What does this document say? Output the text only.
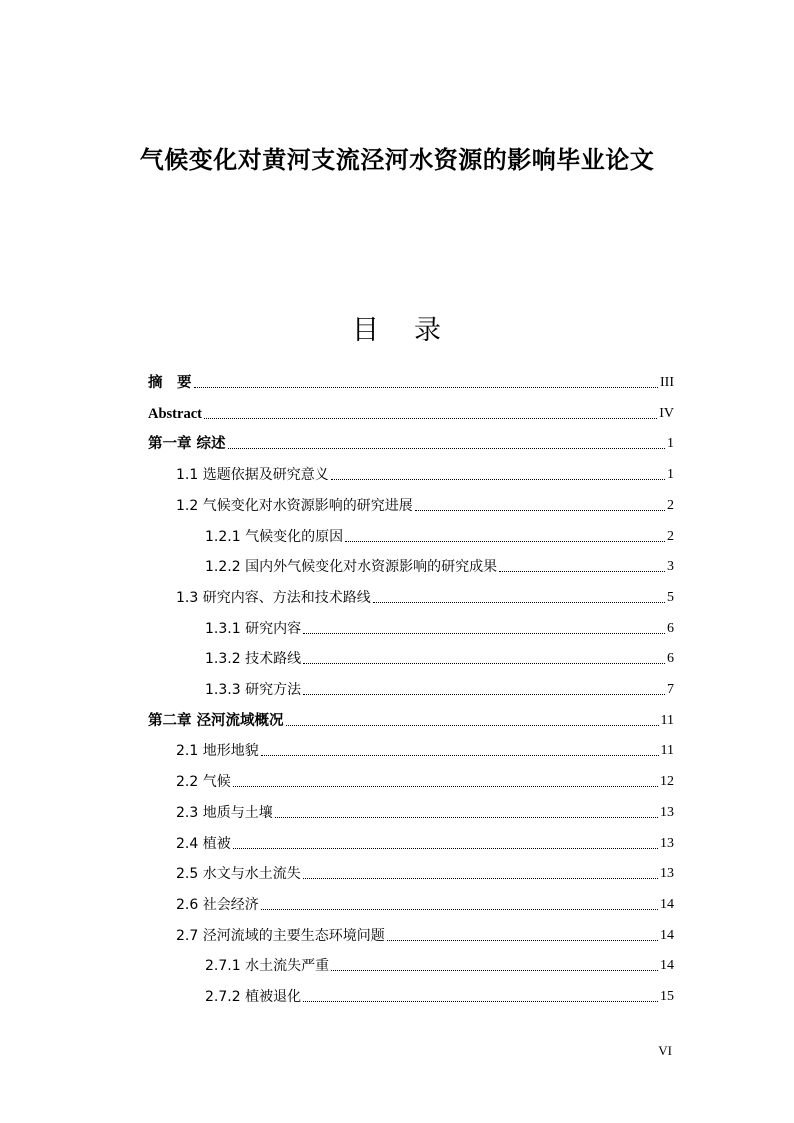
气候变化对黄河支流泾河水资源的影响毕业论文
目 录
摘　要	III
Abstract	IV
第一章 综述	1
1.1 选题依据及研究意义	1
1.2 气候变化对水资源影响的研究进展	2
1.2.1 气候变化的原因	2
1.2.2 国内外气候变化对水资源影响的研究成果	3
1.3 研究内容、方法和技术路线	5
1.3.1 研究内容	6
1.3.2 技术路线	6
1.3.3 研究方法	7
第二章 泾河流域概况	11
2.1 地形地貌	11
2.2 气候	12
2.3 地质与土壤	13
2.4 植被	13
2.5 水文与水土流失	13
2.6 社会经济	14
2.7 泾河流域的主要生态环境问题	14
2.7.1 水土流失严重	14
2.7.2 植被退化	15
VI
